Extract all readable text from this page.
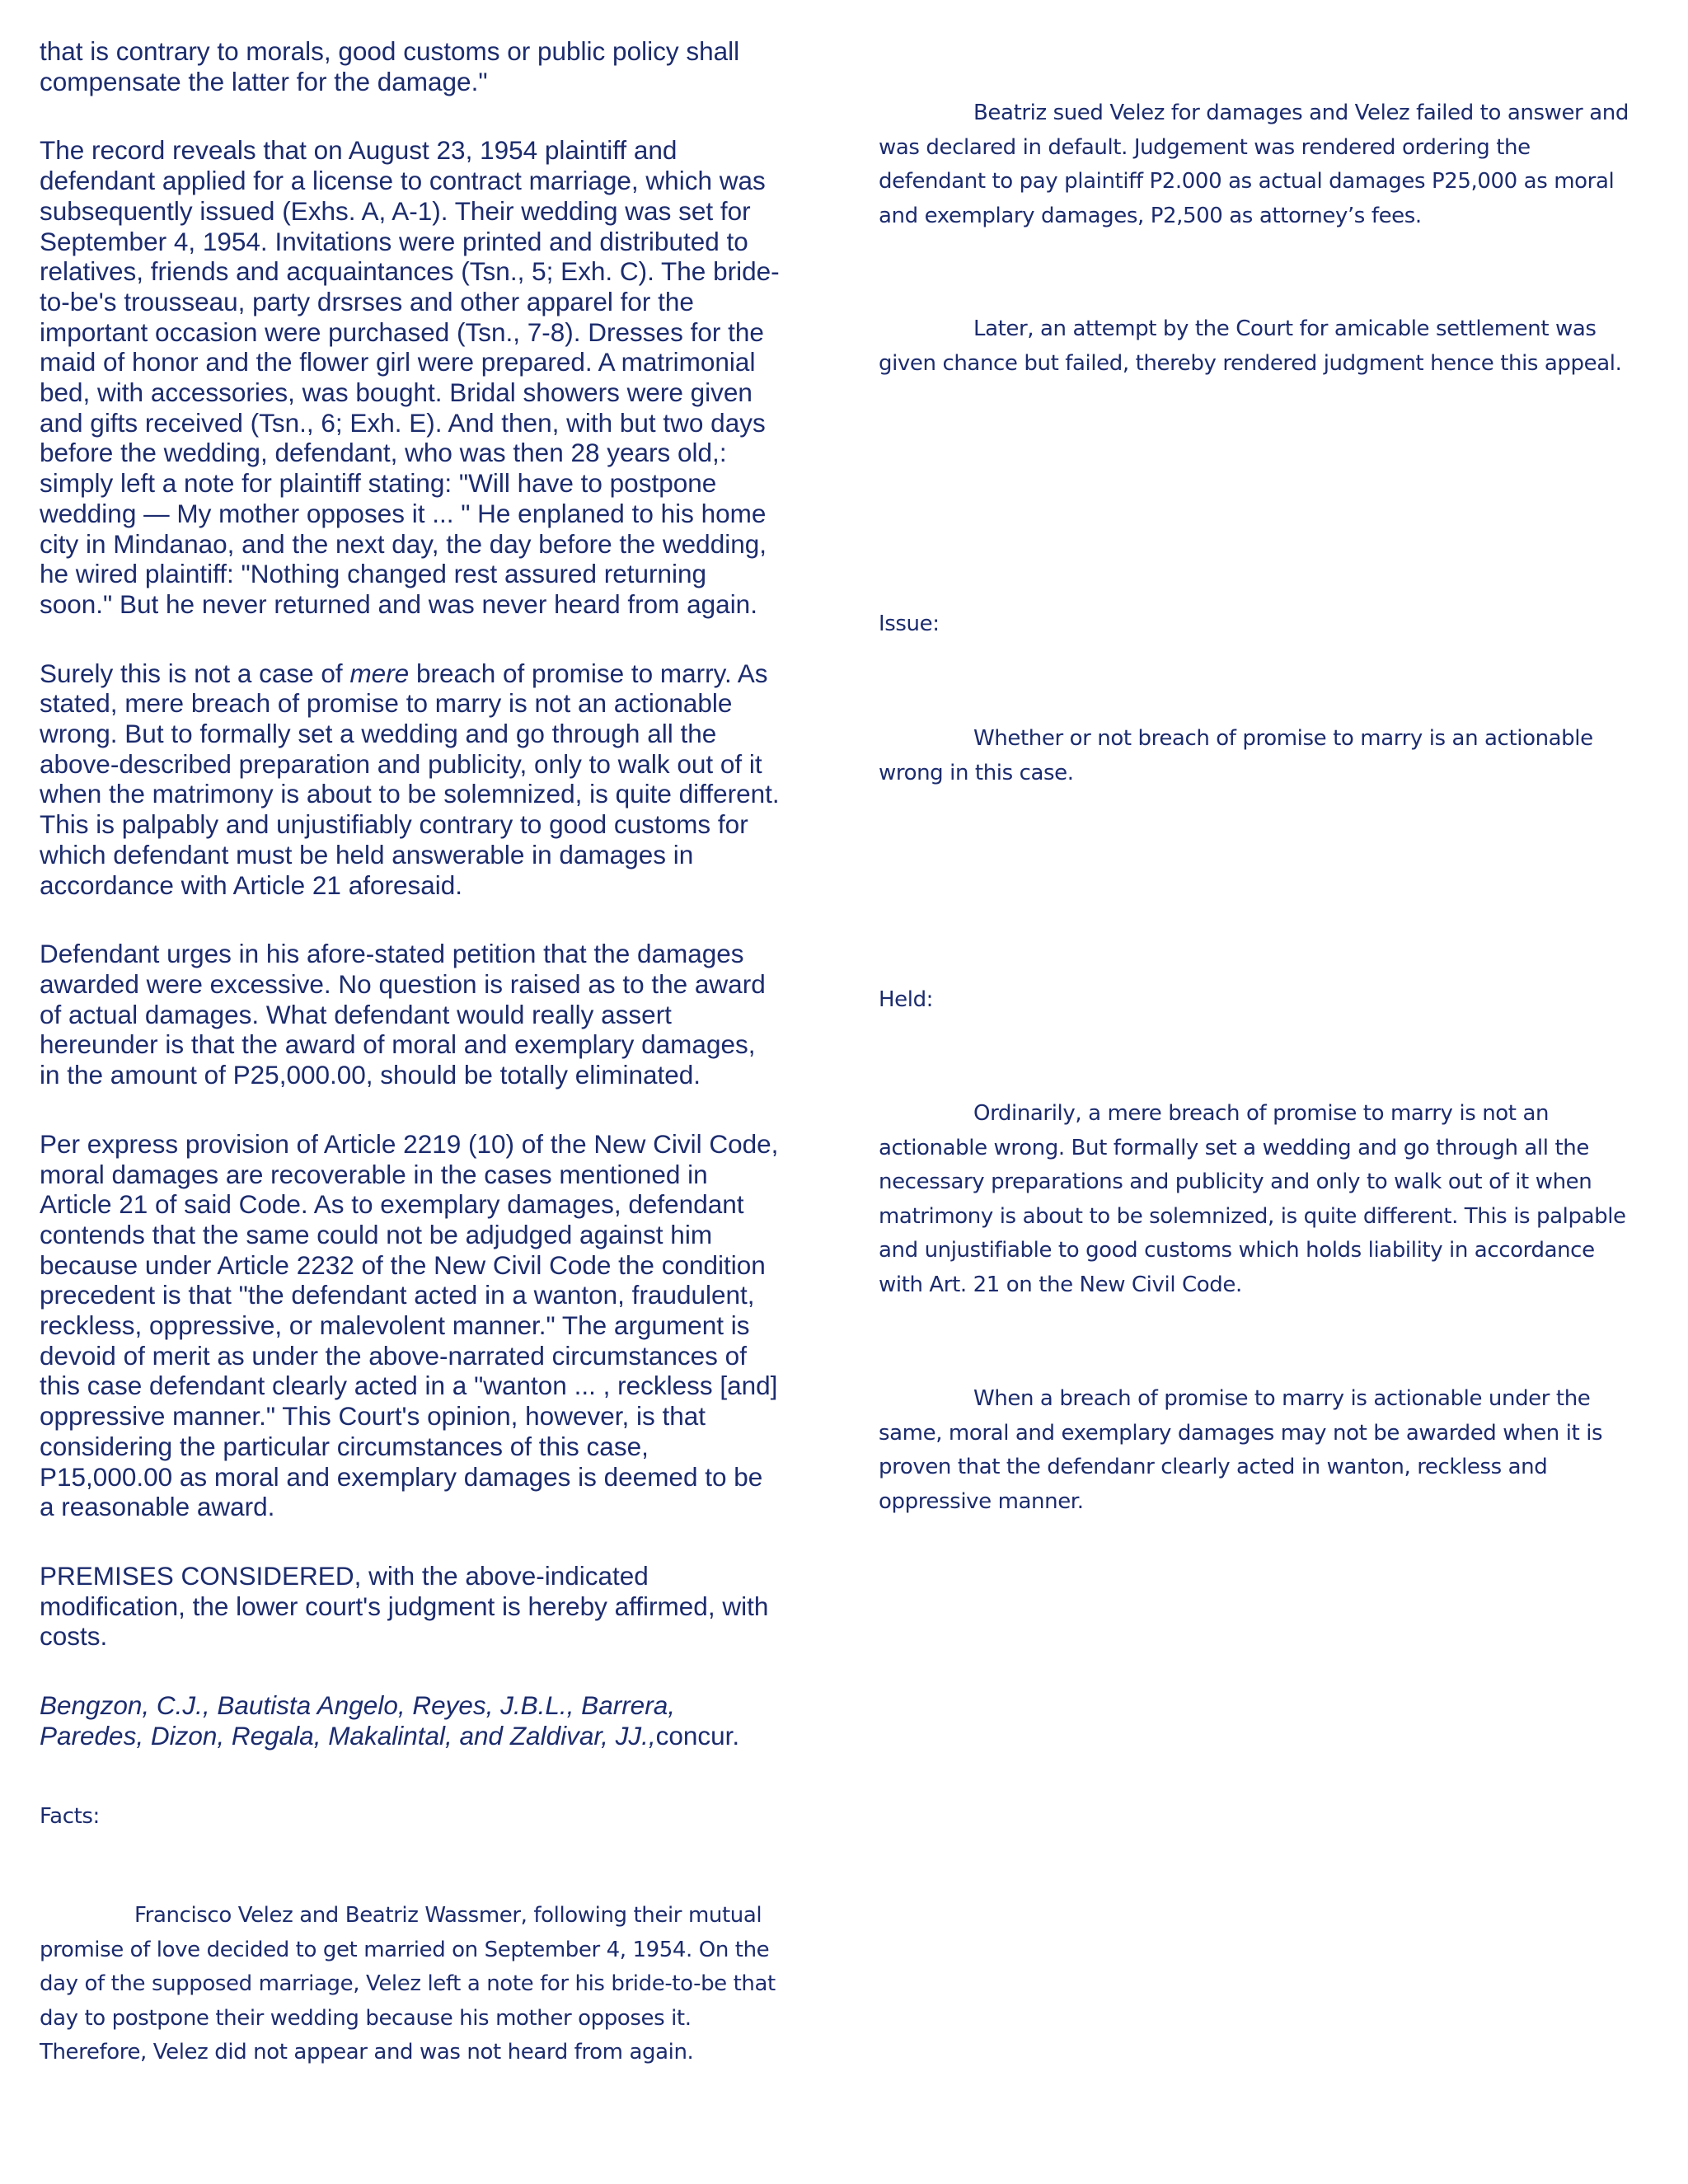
that is contrary to morals, good customs or public policy shall compensate the latter for the damage."

The record reveals that on August 23, 1954 plaintiff and defendant applied for a license to contract marriage, which was subsequently issued (Exhs. A, A-1). Their wedding was set for September 4, 1954. Invitations were printed and distributed to relatives, friends and acquaintances (Tsn., 5; Exh. C). The bride-to-be's trousseau, party drsrses and other apparel for the important occasion were purchased (Tsn., 7-8). Dresses for the maid of honor and the flower girl were prepared. A matrimonial bed, with accessories, was bought. Bridal showers were given and gifts received (Tsn., 6; Exh. E). And then, with but two days before the wedding, defendant, who was then 28 years old,: simply left a note for plaintiff stating: "Will have to postpone wedding — My mother opposes it ... " He enplaned to his home city in Mindanao, and the next day, the day before the wedding, he wired plaintiff: "Nothing changed rest assured returning soon." But he never returned and was never heard from again.

Surely this is not a case of mere breach of promise to marry. As stated, mere breach of promise to marry is not an actionable wrong. But to formally set a wedding and go through all the above-described preparation and publicity, only to walk out of it when the matrimony is about to be solemnized, is quite different. This is palpably and unjustifiably contrary to good customs for which defendant must be held answerable in damages in accordance with Article 21 aforesaid.

Defendant urges in his afore-stated petition that the damages awarded were excessive. No question is raised as to the award of actual damages. What defendant would really assert hereunder is that the award of moral and exemplary damages, in the amount of P25,000.00, should be totally eliminated.

Per express provision of Article 2219 (10) of the New Civil Code, moral damages are recoverable in the cases mentioned in Article 21 of said Code. As to exemplary damages, defendant contends that the same could not be adjudged against him because under Article 2232 of the New Civil Code the condition precedent is that "the defendant acted in a wanton, fraudulent, reckless, oppressive, or malevolent manner." The argument is devoid of merit as under the above-narrated circumstances of this case defendant clearly acted in a "wanton ... , reckless [and] oppressive manner." This Court's opinion, however, is that considering the particular circumstances of this case, P15,000.00 as moral and exemplary damages is deemed to be a reasonable award.

PREMISES CONSIDERED, with the above-indicated modification, the lower court's judgment is hereby affirmed, with costs.

Bengzon, C.J., Bautista Angelo, Reyes, J.B.L., Barrera, Paredes, Dizon, Regala, Makalintal, and Zaldivar, JJ.,concur.

Facts:

Francisco Velez and Beatriz Wassmer, following their mutual promise of love decided to get married on September 4, 1954. On the day of the supposed marriage, Velez left a note for his bride-to-be that day to postpone their wedding because his mother opposes it. Therefore, Velez did not appear and was not heard from again.

Beatriz sued Velez for damages and Velez failed to answer and was declared in default. Judgement was rendered ordering the defendant to pay plaintiff P2.000 as actual damages P25,000 as moral and exemplary damages, P2,500 as attorney’s fees.

Later, an attempt by the Court for amicable settlement was given chance but failed, thereby rendered judgment hence this appeal.

Issue:

Whether or not breach of promise to marry is an actionable wrong in this case.

Held:

Ordinarily, a mere breach of promise to marry is not an actionable wrong. But formally set a wedding and go through all the necessary preparations and publicity and only to walk out of it when matrimony is about to be solemnized, is quite different. This is palpable and unjustifiable to good customs which holds liability in accordance with Art. 21 on the New Civil Code.

When a breach of promise to marry is actionable under the same, moral and exemplary damages may not be awarded when it is proven that the defendanr clearly acted in wanton, reckless and oppressive manner.
